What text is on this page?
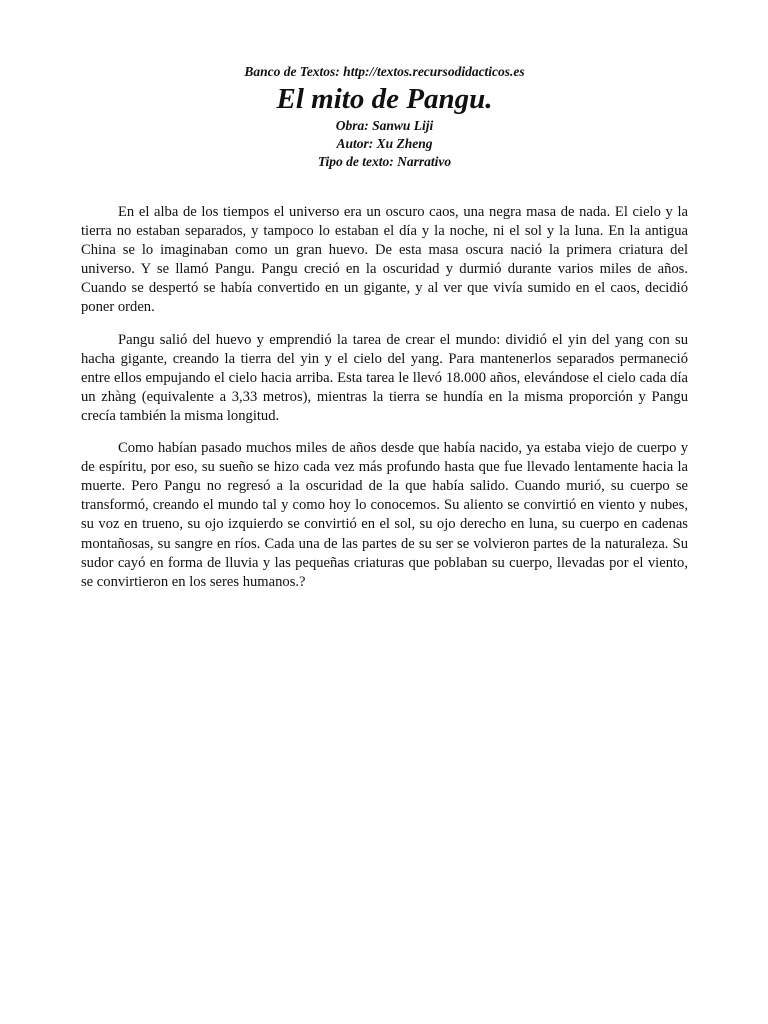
Banco de Textos: http://textos.recursodidacticos.es
El mito de Pangu.
Obra: Sanwu Liji
Autor: Xu Zheng
Tipo de texto: Narrativo

En el alba de los tiempos el universo era un oscuro caos, una negra masa de nada. El cielo y la tierra no estaban separados, y tampoco lo estaban el día y la noche, ni el sol y la luna. En la antigua China se lo imaginaban como un gran huevo. De esta masa oscura nació la primera criatura del universo. Y se llamó Pangu. Pangu creció en la oscuridad y durmió durante varios miles de años. Cuando se despertó se había convertido en un gigante, y al ver que vivía sumido en el caos, decidió poner orden.

Pangu salió del huevo y emprendió la tarea de crear el mundo: dividió el yin del yang con su hacha gigante, creando la tierra del yin y el cielo del yang. Para mantenerlos separados permaneció entre ellos empujando el cielo hacia arriba. Esta tarea le llevó 18.000 años, elevándose el cielo cada día un zhàng (equivalente a 3,33 metros), mientras la tierra se hundía en la misma proporción y Pangu crecía también la misma longitud.

Como habían pasado muchos miles de años desde que había nacido, ya estaba viejo de cuerpo y de espíritu, por eso, su sueño se hizo cada vez más profundo hasta que fue llevado lentamente hacia la muerte. Pero Pangu no regresó a la oscuridad de la que había salido. Cuando murió, su cuerpo se transformó, creando el mundo tal y como hoy lo conocemos. Su aliento se convirtió en viento y nubes, su voz en trueno, su ojo izquierdo se convirtió en el sol, su ojo derecho en luna, su cuerpo en cadenas montañosas, su sangre en ríos. Cada una de las partes de su ser se volvieron partes de la naturaleza. Su sudor cayó en forma de lluvia y las pequeñas criaturas que poblaban su cuerpo, llevadas por el viento, se convirtieron en los seres humanos.?
